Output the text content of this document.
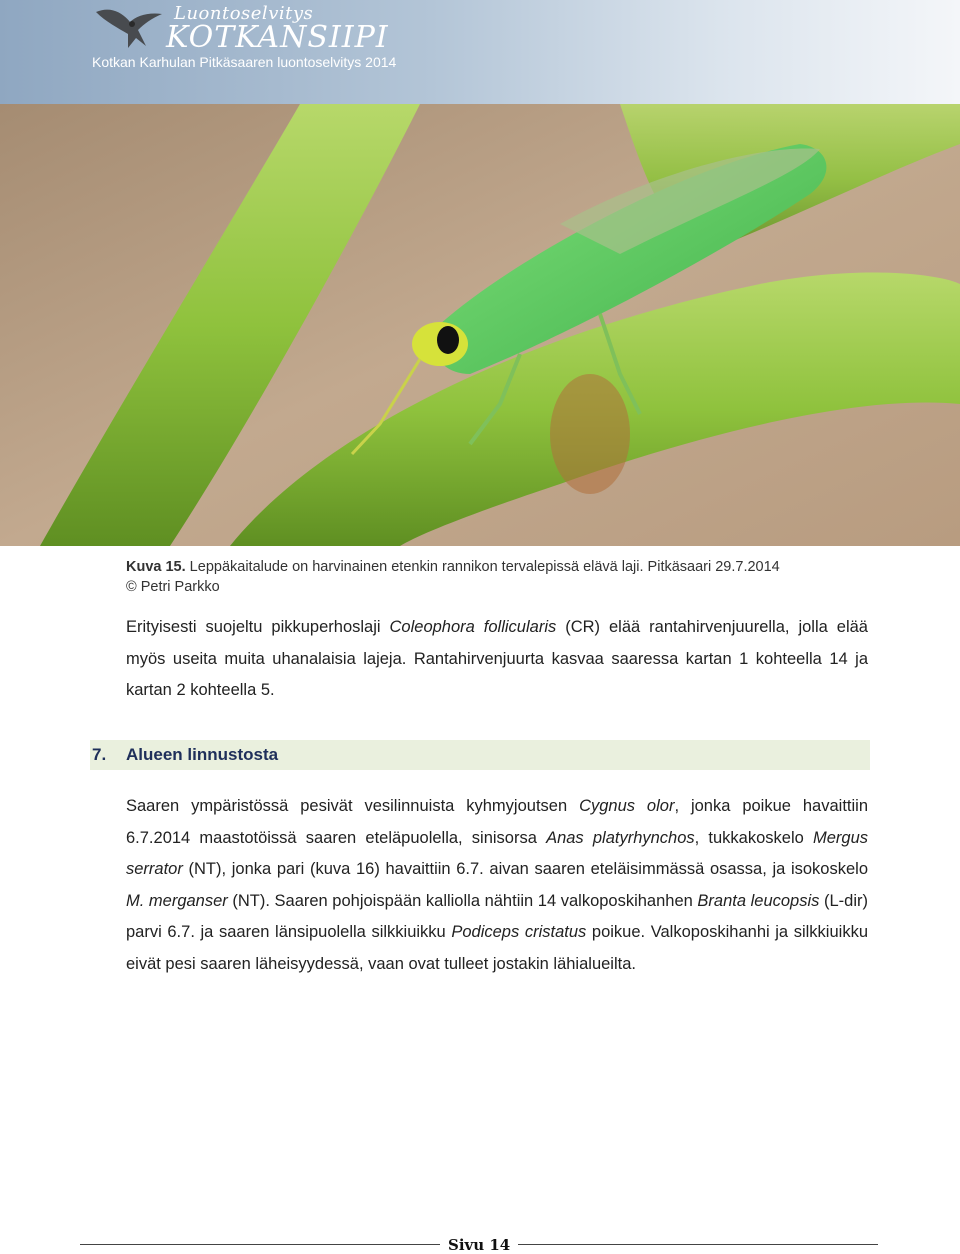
Luontoselvitys
KOTKANSIIPI
Kotkan Karhulan Pitkäsaaren luontoselvitys 2014
Kuva 15. Leppäkaitalude on harvinainen etenkin rannikon tervalepissä elävä laji. Pitkäsaari 29.7.2014
© Petri Parkko

Erityisesti suojeltu pikkuperhoslaji Coleophora follicularis (CR) elää rantahirvenjuurella, jolla elää myös useita muita uhanalaisia lajeja. Rantahirvenjuurta kasvaa saaressa kartan 1 kohteella 14 ja kartan 2 kohteella 5.

7. Alueen linnustosta

Saaren ympäristössä pesivät vesilinnuista kyhmyjoutsen Cygnus olor, jonka poikue havaittiin 6.7.2014 maastotöissä saaren eteläpuolella, sinisorsa Anas platyrhynchos, tukkakoskelo Mergus serrator (NT), jonka pari (kuva 16) havaittiin 6.7. aivan saaren eteläisimmässä osassa, ja isokoskelo M. merganser (NT). Saaren pohjoispään kalliolla nähtiin 14 valkoposkihanhen Branta leucopsis (L-dir) parvi 6.7. ja saaren länsipuolella silkkiuikku Podiceps cristatus poikue. Valkoposkihanhi ja silkkiuikku eivät pesi saaren läheisyydessä, vaan ovat tulleet jostakin lähialueilta.

Sivu 14
